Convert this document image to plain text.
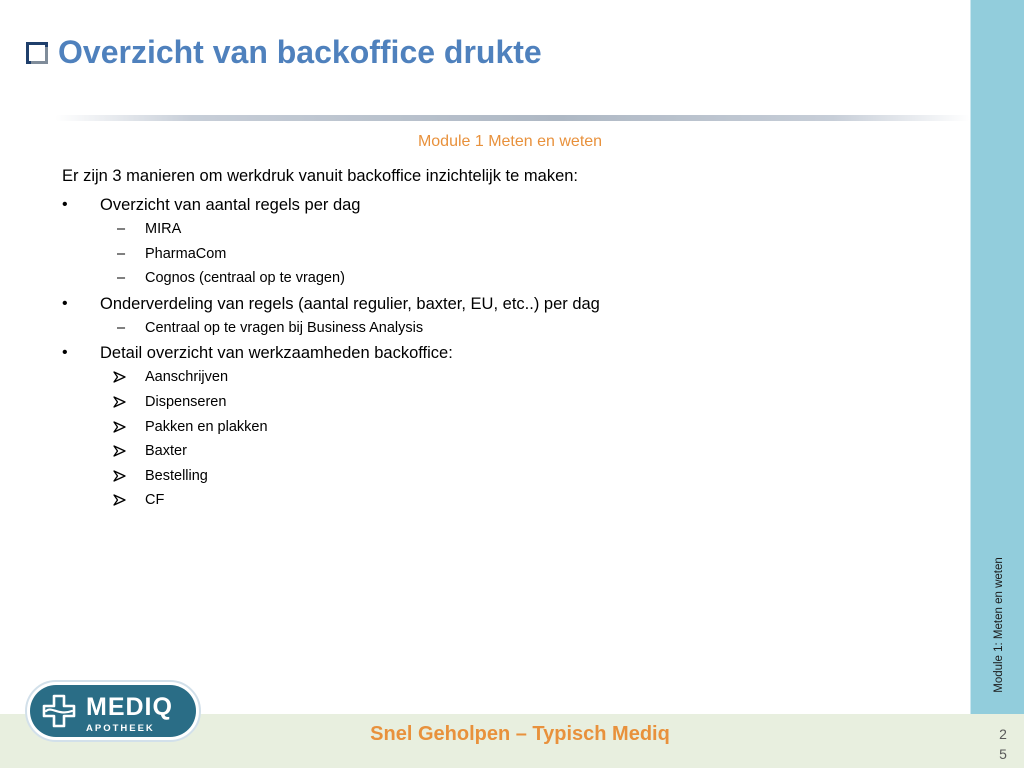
Module 1: Meten en weten
Overzicht van backoffice drukte
Module 1 Meten en weten
Er zijn 3 manieren om werkdruk vanuit backoffice inzichtelijk te maken:
• Overzicht van aantal regels per dag
– MIRA
– PharmaCom
– Cognos (centraal op te vragen)
• Onderverdeling van regels (aantal regulier, baxter, EU, etc..) per dag
– Centraal op te vragen bij Business Analysis
• Detail overzicht van werkzaamheden backoffice:
Aanschrijven
Dispenseren
Pakken en plakken
Baxter
Bestelling
CF
Snel Geholpen – Typisch Mediq	2
5
MEDIQ
APOTHEEK
